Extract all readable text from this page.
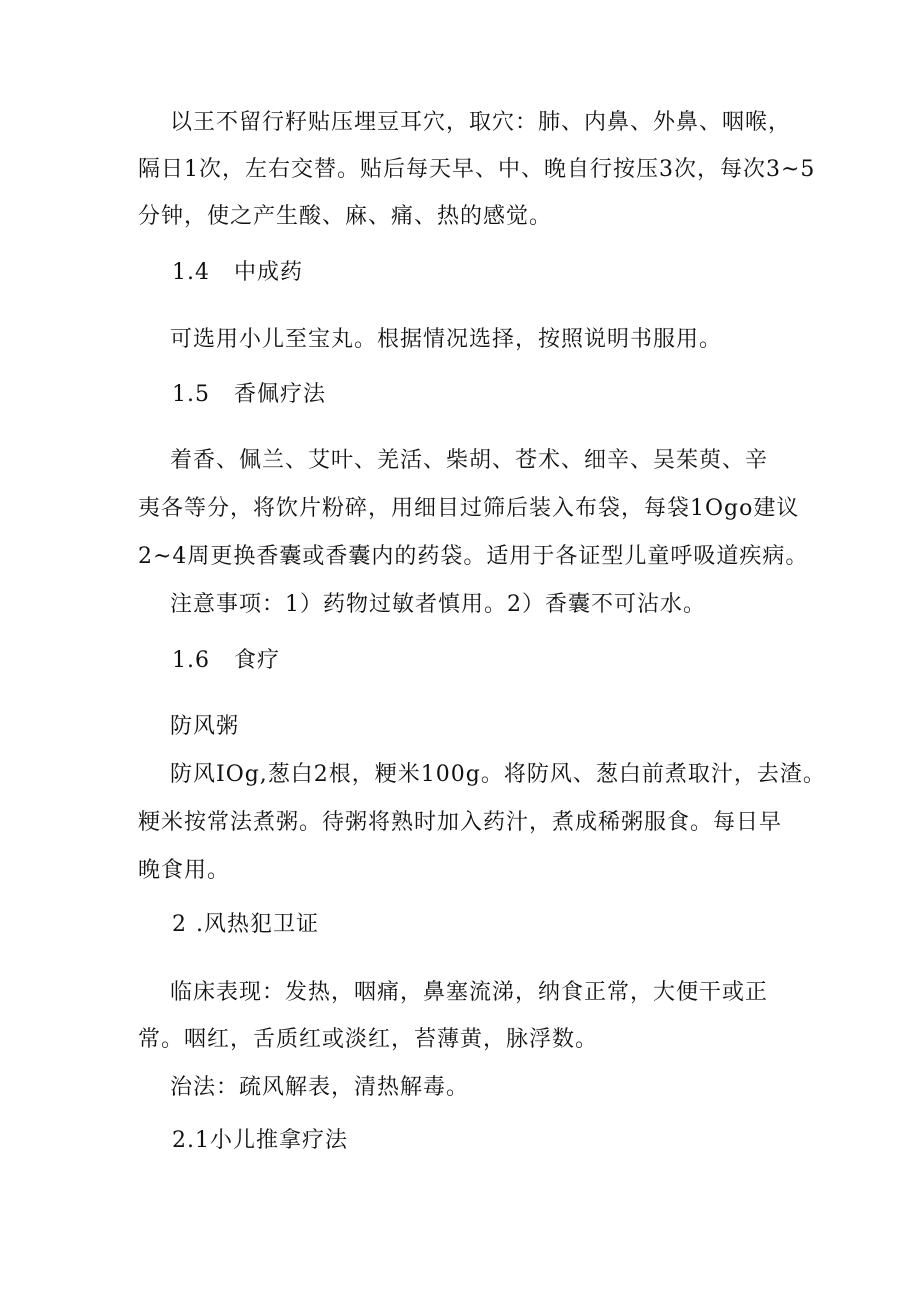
以王不留行籽贴压埋豆耳穴，取穴：肺、内鼻、外鼻、咽喉，
隔日1次，左右交替。贴后每天早、中、晚自行按压3次，每次3~5
分钟，使之产生酸、麻、痛、热的感觉。
1.4 中成药
可选用小儿至宝丸。根据情况选择，按照说明书服用。
1.5 香佩疗法
着香、佩兰、艾叶、羌活、柴胡、苍术、细辛、吴茱萸、辛
夷各等分，将饮片粉碎，用细目过筛后装入布袋，每袋1Ogo建议
2~4周更换香囊或香囊内的药袋。适用于各证型儿童呼吸道疾病。
注意事项：1）药物过敏者慎用。2）香囊不可沾水。
1.6 食疗
防风粥
防风IOg,葱白2根，粳米100g。将防风、葱白前煮取汁，去渣。
粳米按常法煮粥。待粥将熟时加入药汁，煮成稀粥服食。每日早
晚食用。
2 .风热犯卫证
临床表现：发热，咽痛，鼻塞流涕，纳食正常，大便干或正
常。咽红，舌质红或淡红，苔薄黄，脉浮数。
治法：疏风解表，清热解毒。
2.1小儿推拿疗法
